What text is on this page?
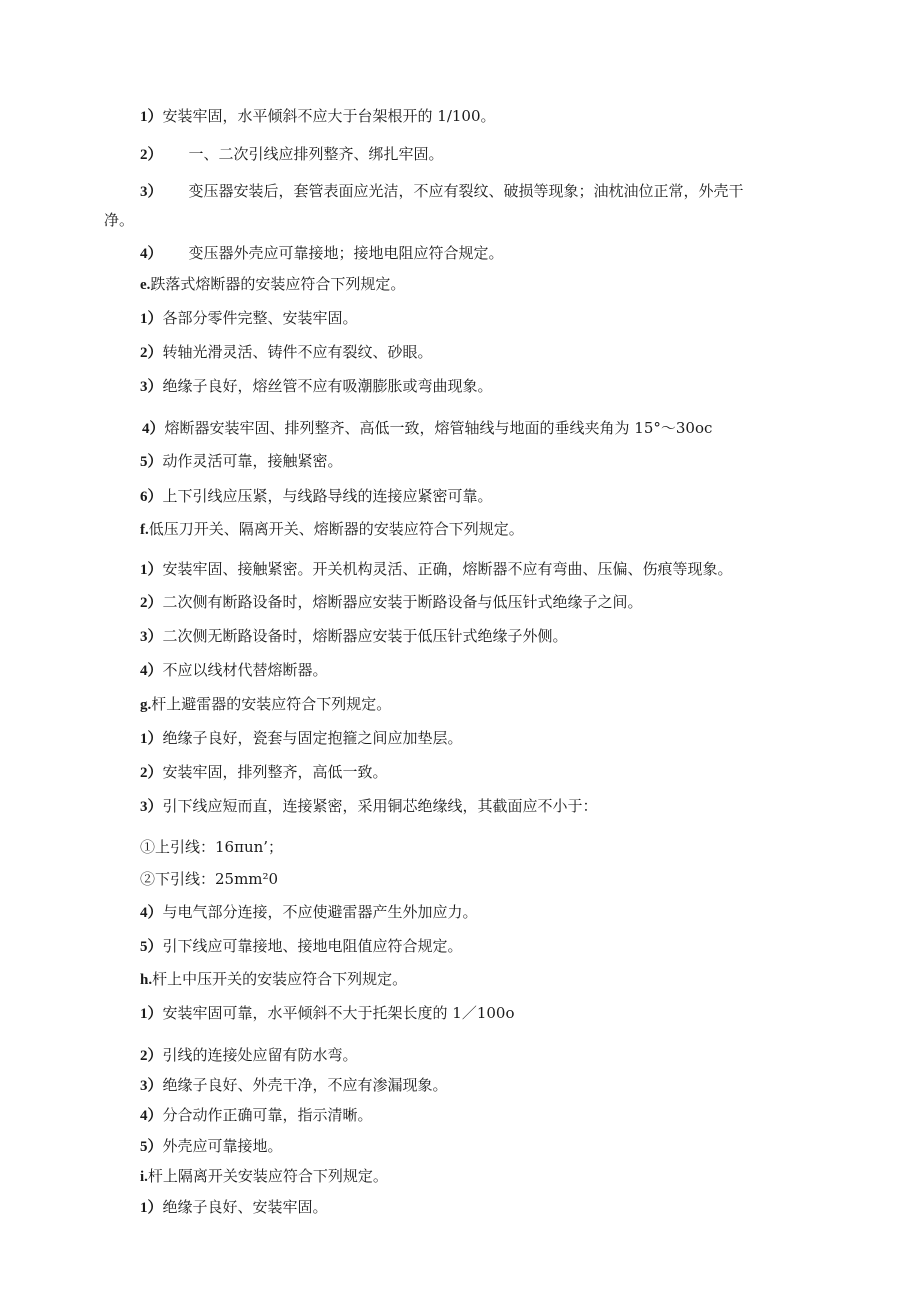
1）安装牢固，水平倾斜不应大于台架根开的 1/100。
2） 一、二次引线应排列整齐、绑扎牢固。
3） 变压器安装后，套管表面应光洁，不应有裂纹、破损等现象；油枕油位正常，外壳干
净。
4） 变压器外壳应可靠接地；接地电阻应符合规定。
e.跌落式熔断器的安装应符合下列规定。
1）各部分零件完整、安装牢固。
2）转轴光滑灵活、铸件不应有裂纹、砂眼。
3）绝缘子良好，熔丝管不应有吸潮膨胀或弯曲现象。
4）熔断器安装牢固、排列整齐、高低一致，熔管轴线与地面的垂线夹角为 15°～30oc
5）动作灵活可靠，接触紧密。
6）上下引线应压紧，与线路导线的连接应紧密可靠。
f.低压刀开关、隔离开关、熔断器的安装应符合下列规定。
1）安装牢固、接触紧密。开关机构灵活、正确，熔断器不应有弯曲、压偏、伤痕等现象。
2）二次侧有断路设备时，熔断器应安装于断路设备与低压针式绝缘子之间。
3）二次侧无断路设备时，熔断器应安装于低压针式绝缘子外侧。
4）不应以线材代替熔断器。
g.杆上避雷器的安装应符合下列规定。
1）绝缘子良好，瓷套与固定抱箍之间应加垫层。
2）安装牢固，排列整齐，高低一致。
3）引下线应短而直，连接紧密，采用铜芯绝缘线，其截面应不小于：
①上引线：16πun’；
②下引线：25mm²0
4）与电气部分连接，不应使避雷器产生外加应力。
5）引下线应可靠接地、接地电阻值应符合规定。
h.杆上中压开关的安装应符合下列规定。
1）安装牢固可靠，水平倾斜不大于托架长度的 1／100o
2）引线的连接处应留有防水弯。
3）绝缘子良好、外壳干净，不应有渗漏现象。
4）分合动作正确可靠，指示清晰。
5）外壳应可靠接地。
i.杆上隔离开关安装应符合下列规定。
1）绝缘子良好、安装牢固。
